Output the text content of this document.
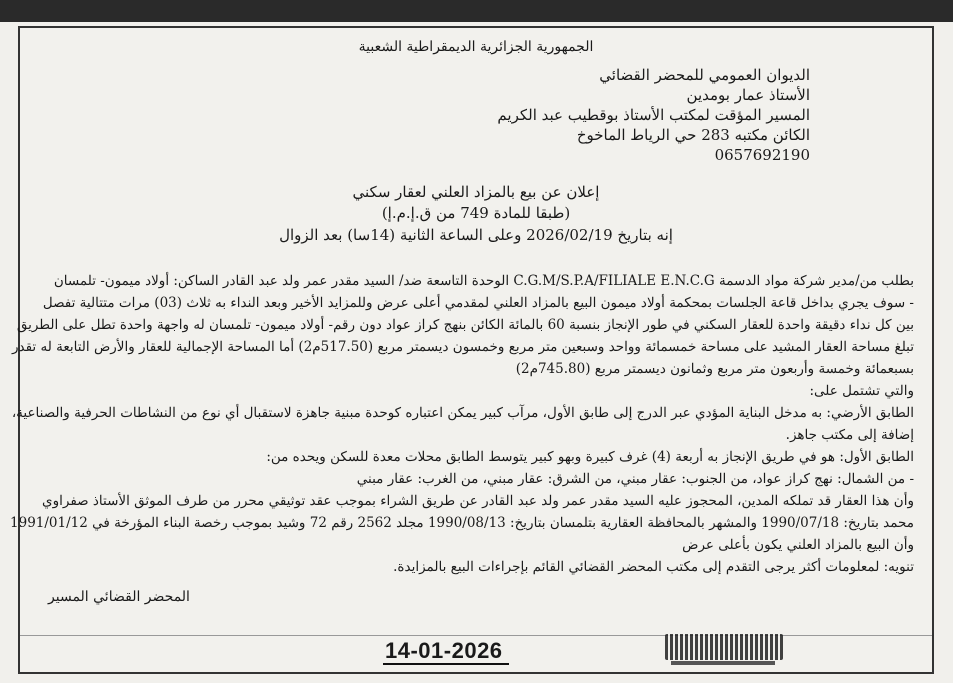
الجمهورية الجزائرية الديمقراطية الشعبية
الديوان العمومي للمحضر القضائي
الأستاذ عمار بومدين
المسير المؤقت لمكتب الأستاذ بوقطيب عبد الكريم
الكائن مكتبه 283 حي الرياط الماخوخ
0657692190
إعلان عن بيع بالمزاد العلني لعقار سكني
(طبقا للمادة 749 من ق.إ.م.إ)
إنه بتاريخ 2026/02/19 وعلى الساعة الثانية (14سا) بعد الزوال
بطلب من/مدير شركة مواد الدسمة C.G.M/S.P.A/FILIALE E.N.C.G الوحدة التاسعة ضد/ السيد مقدر عمر ولد عبد القادر الساكن: أولاد ميمون- تلمسان
- سوف يجري بداخل قاعة الجلسات بمحكمة أولاد ميمون البيع بالمزاد العلني لمقدمي أعلى عرض وللمزايد الأخير وبعد النداء به ثلاث (03) مرات متتالية تفصل
بين كل نداء دقيقة واحدة للعقار السكني في طور الإنجاز بنسبة 60 بالمائة الكائن بنهج كراز عواد دون رقم- أولاد ميمون- تلمسان له واجهة واحدة تطل على الطريق
تبلغ مساحة العقار المشيد على مساحة خمسمائة وواحد وسبعين متر مربع وخمسون ديسمتر مربع (517.50م2) أما المساحة الإجمالية للعقار والأرض التابعة له تقدر
بسبعمائة وخمسة وأربعون متر مربع وثمانون ديسمتر مربع (745.80م2)
والتي تشتمل على:
الطابق الأرضي: به مدخل البناية المؤدي عبر الدرج إلى طابق الأول، مرآب كبير يمكن اعتباره كوحدة مبنية جاهزة لاستقبال أي نوع من النشاطات الحرفية والصناعية،
إضافة إلى مكتب جاهز.
الطابق الأول: هو في طريق الإنجاز به أربعة (4) غرف كبيرة وبهو كبير يتوسط الطابق محلات معدة للسكن ويحده من:
- من الشمال: نهج كراز عواد، من الجنوب: عقار مبني، من الشرق: عقار مبني، من الغرب: عقار مبني
وأن هذا العقار قد تملكه المدين، المحجوز عليه السيد مقدر عمر ولد عبد القادر عن طريق الشراء بموجب عقد توثيقي محرر من طرف الموثق الأستاذ صفراوي
محمد بتاريخ: 1990/07/18 والمشهر بالمحافظة العقارية بتلمسان بتاريخ: 1990/08/13 مجلد 2562 رقم 72 وشيد بموجب رخصة البناء المؤرخة في 1991/01/12
وأن البيع بالمزاد العلني يكون بأعلى عرض
تنويه: لمعلومات أكثر يرجى التقدم إلى مكتب المحضر القضائي القائم بإجراءات البيع بالمزايدة.
المحضر القضائي المسير
14-01-2026
